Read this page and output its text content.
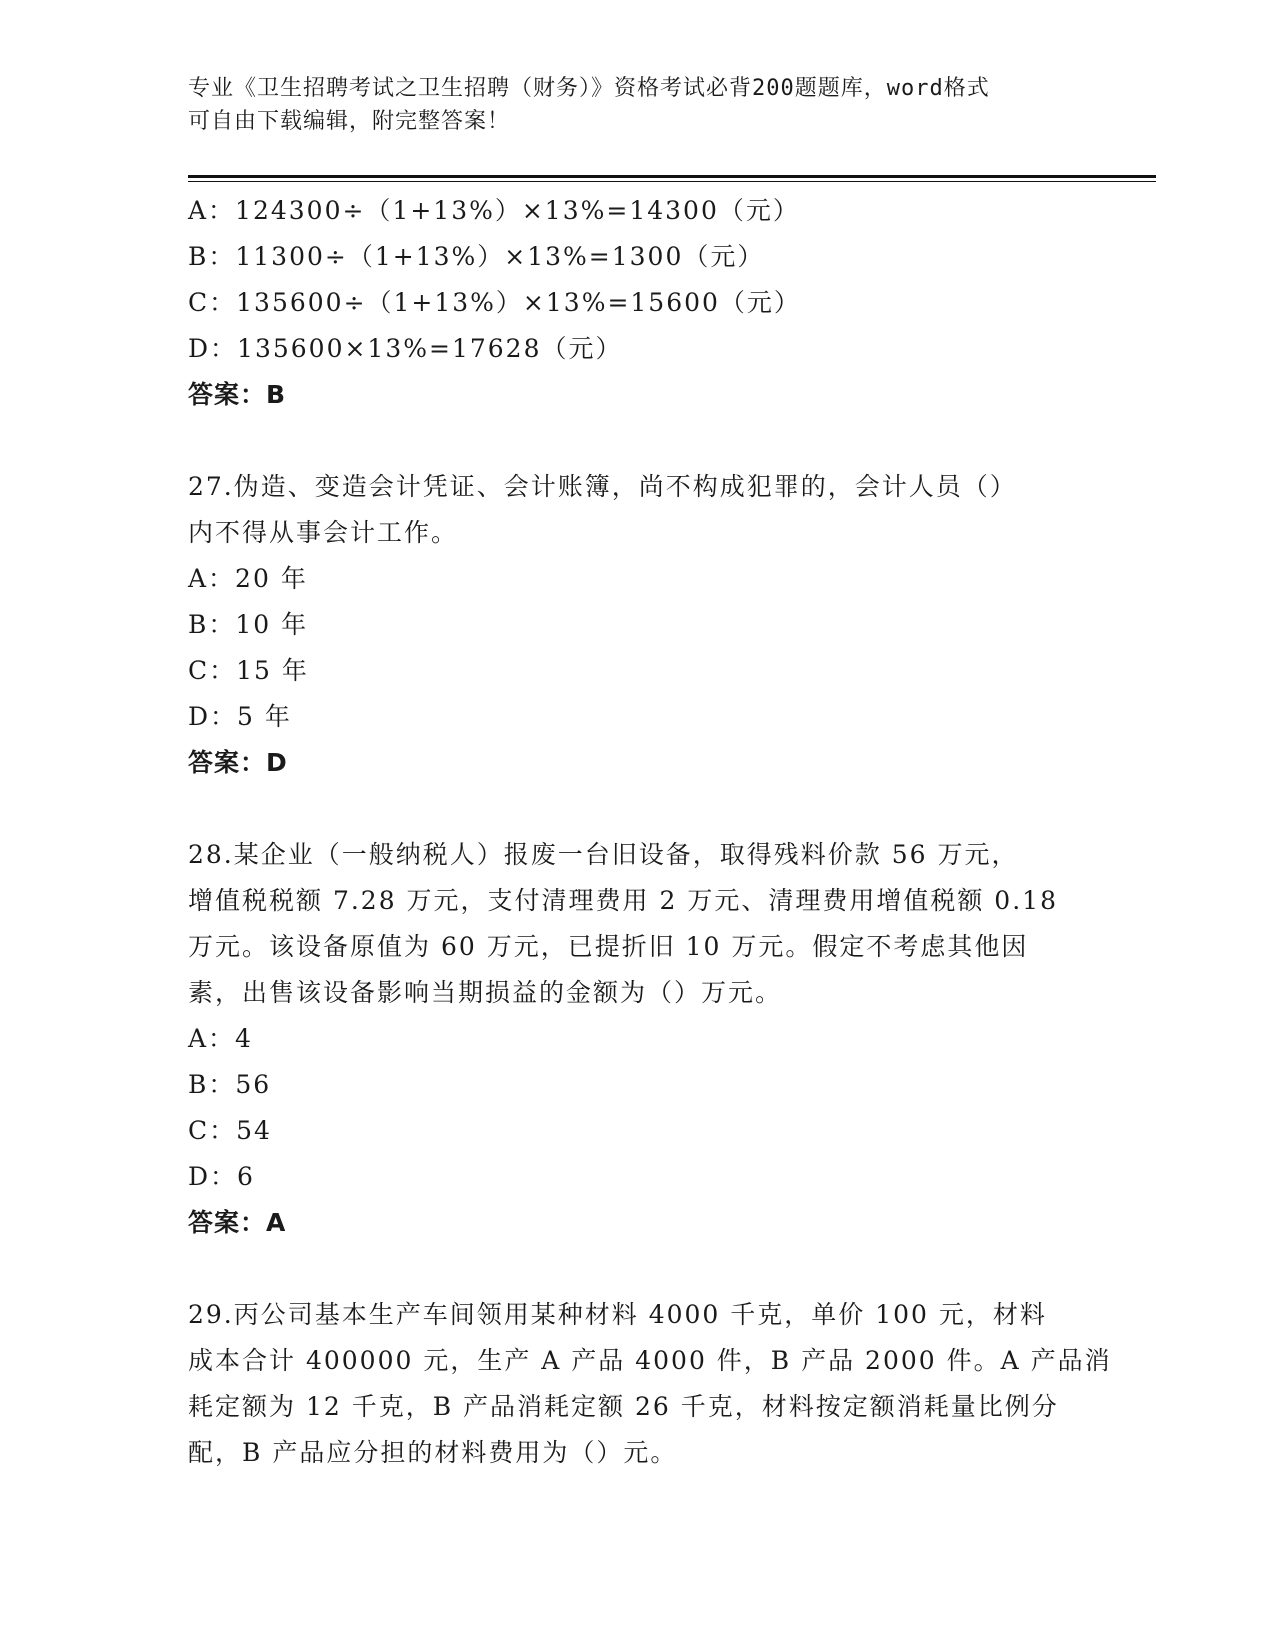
专业《卫生招聘考试之卫生招聘（财务）》资格考试必背200题题库，word格式
可自由下载编辑，附完整答案！
A：124300÷（1+13%）×13%=14300（元）
B：11300÷（1+13%）×13%=1300（元）
C：135600÷（1+13%）×13%=15600（元）
D：135600×13%=17628（元）
答案：B
27.伪造、变造会计凭证、会计账簿，尚不构成犯罪的，会计人员（）
内不得从事会计工作。
A：20 年
B：10 年
C：15 年
D：5 年
答案：D
28.某企业（一般纳税人）报废一台旧设备，取得残料价款 56 万元，
增值税税额 7.28 万元，支付清理费用 2 万元、清理费用增值税额 0.18
万元。该设备原值为 60 万元，已提折旧 10 万元。假定不考虑其他因
素，出售该设备影响当期损益的金额为（）万元。
A：4
B：56
C：54
D：6
答案：A
29.丙公司基本生产车间领用某种材料 4000 千克，单价 100 元，材料
成本合计 400000 元，生产 A 产品 4000 件，B 产品 2000 件。A 产品消
耗定额为 12 千克，B 产品消耗定额 26 千克，材料按定额消耗量比例分
配，B 产品应分担的材料费用为（）元。
